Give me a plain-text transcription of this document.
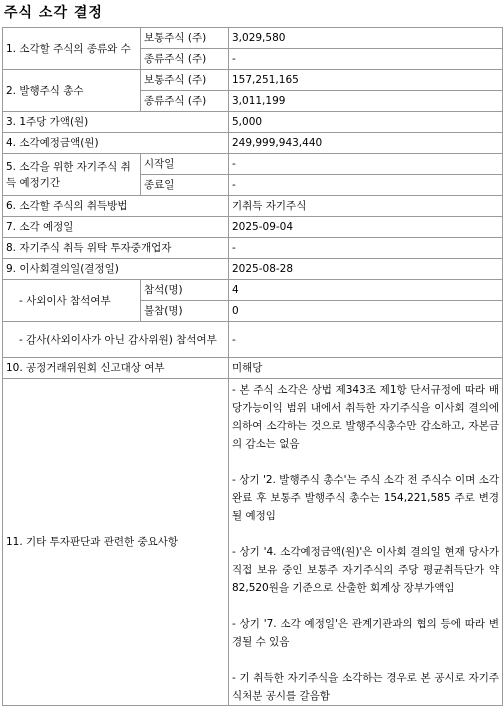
주식 소각 결정
1. 소각할 주식의 종류와 수	보통주식 (주)	3,029,580
	종류주식 (주)	-
2. 발행주식 총수	보통주식 (주)	157,251,165
	종류주식 (주)	3,011,199
3. 1주당 가액(원)		5,000
4. 소각예정금액(원)		249,999,943,440
5. 소각을 위한 자기주식 취득 예정기간	시작일	-
	종료일	-
6. 소각할 주식의 취득방법		기취득 자기주식
7. 소각 예정일		2025-09-04
8. 자기주식 취득 위탁 투자중개업자		-
9. 이사회결의일(결정일)		2025-08-28
- 사외이사 참석여부	참석(명)	4
	불참(명)	0
- 감사(사외이사가 아닌 감사위원) 참석여부		-
10. 공정거래위원회 신고대상 여부		미해당
11. 기타 투자판단과 관련한 중요사항		- 본 주식 소각은 상법 제343조 제1항 단서규정에 따라 배당가능이익 범위 내에서 취득한 자기주식을 이사회 결의에 의하여 소각하는 것으로 발행주식총수만 감소하고, 자본금의 감소는 없음
- 상기 '2. 발행주식 총수'는 주식 소각 전 주식수 이며 소각 완료 후 보통주 발행주식 총수는 154,221,585 주로 변경될 예정임
- 상기 '4. 소각예정금액(원)'은 이사회 결의일 현재 당사가 직접 보유 중인 보통주 자기주식의 주당 평균취득단가 약 82,520원을 기준으로 산출한 회계상 장부가액임
- 상기 '7. 소각 예정일'은 관계기관과의 협의 등에 따라 변경될 수 있음
- 기 취득한 자기주식을 소각하는 경우로 본 공시로 자기주식처분 공시를 갈음함
